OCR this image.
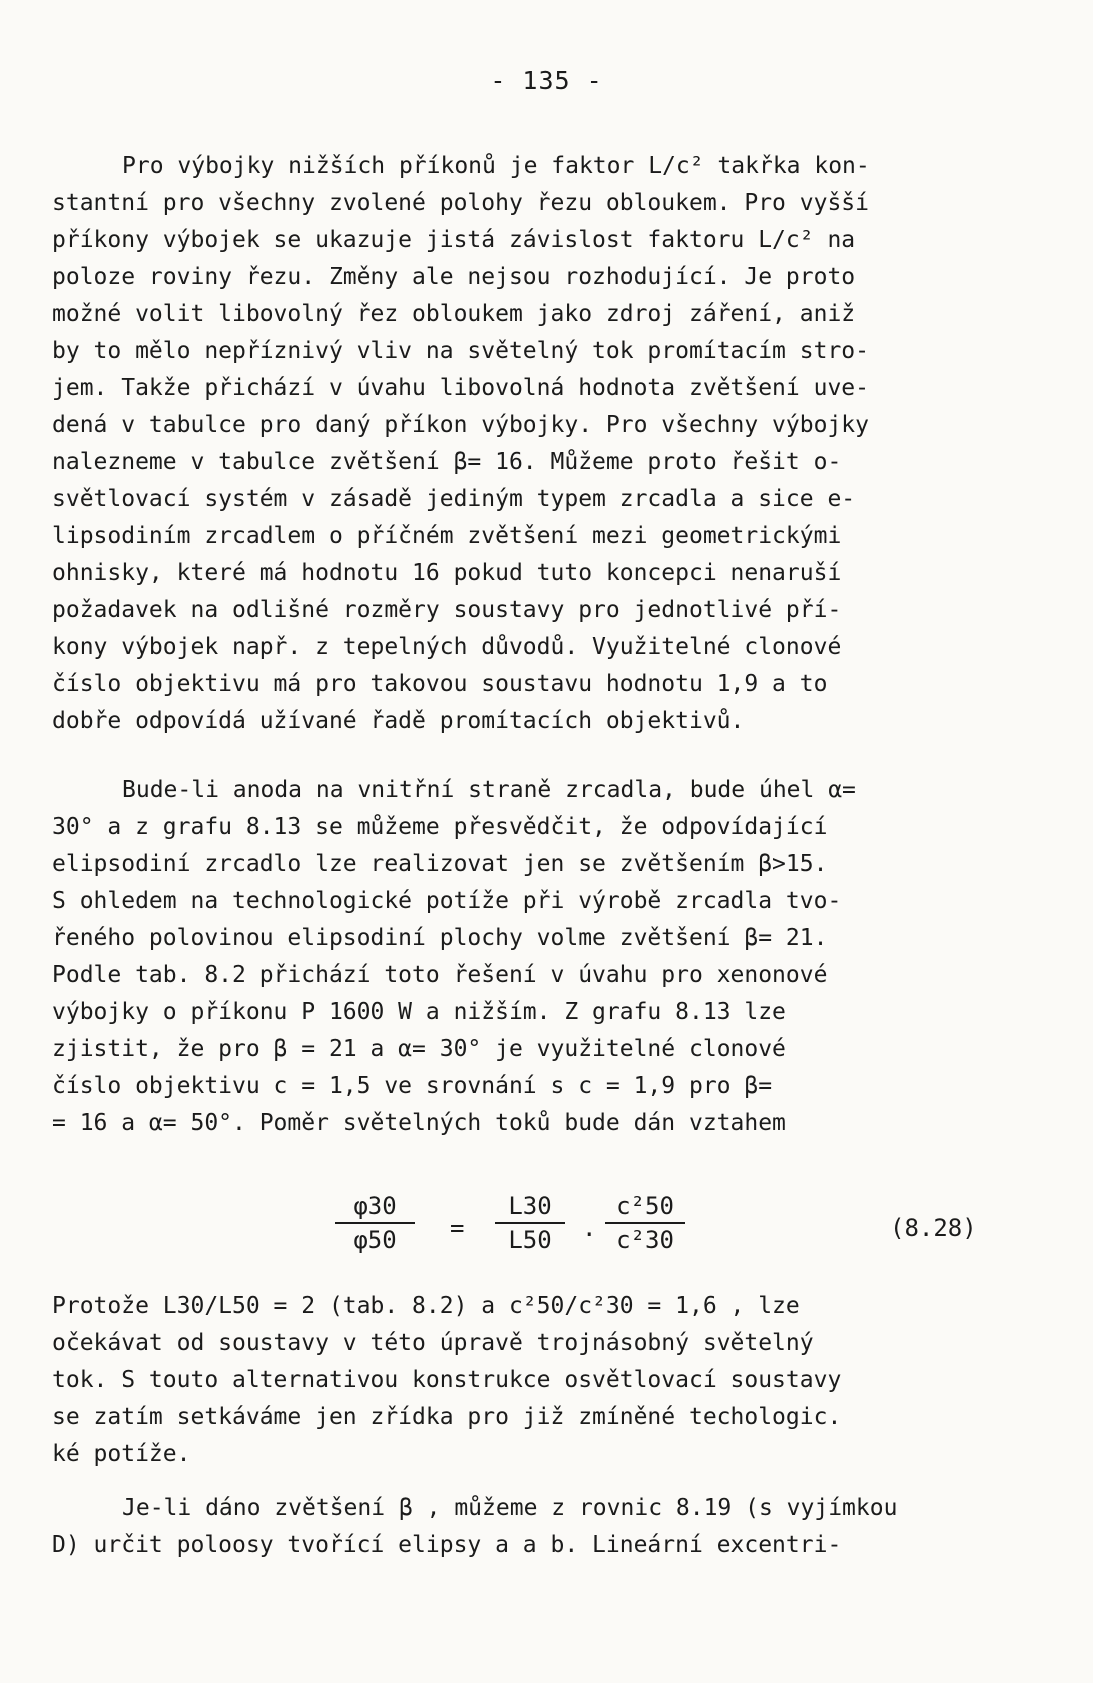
- 135 -
Pro výbojky nižších příkonů je faktor L/c² takřka kon-
stantní pro všechny zvolené polohy řezu obloukem. Pro vyšší
příkony výbojek se ukazuje jistá závislost faktoru L/c² na
poloze roviny řezu. Změny ale nejsou rozhodující. Je proto
možné volit libovolný řez obloukem jako zdroj záření, aniž
by to mělo nepříznivý vliv na světelný tok promítacím stro-
jem. Takže přichází v úvahu libovolná hodnota zvětšení uve-
dená v tabulce pro daný příkon výbojky. Pro všechny výbojky
nalezneme v tabulce zvětšení β= 16. Můžeme proto řešit o-
světlovací systém v zásadě jediným typem zrcadla a sice e-
lipsodiním zrcadlem o příčném zvětšení mezi geometrickými
ohnisky, které má hodnotu 16 pokud tuto koncepci nenaruší
požadavek na odlišné rozměry soustavy pro jednotlivé pří-
kony výbojek např. z tepelných důvodů. Využitelné clonové
číslo objektivu má pro takovou soustavu hodnotu 1,9 a to
dobře odpovídá užívané řadě promítacích objektivů.
Bude-li anoda na vnitřní straně zrcadla, bude úhel α=
30° a z grafu 8.13 se můžeme přesvědčit, že odpovídající
elipsodiní zrcadlo lze realizovat jen se zvětšením β>15.
S ohledem na technologické potíže při výrobě zrcadla tvo-
řeného polovinou elipsodiní plochy volme zvětšení β= 21.
Podle tab. 8.2 přichází toto řešení v úvahu pro xenonové
výbojky o příkonu P 1600 W a nižším. Z grafu 8.13 lze
zjistit, že pro β = 21 a α= 30° je využitelné clonové
číslo objektivu c = 1,5 ve srovnání s c = 1,9 pro β=
= 16 a α= 50°. Poměr světelných toků bude dán vztahem
φ30
φ50	=
L30
L50	.
c²50
c²30	(8.28)
Protože L30/L50 = 2 (tab. 8.2) a c²50/c²30 = 1,6 , lze
očekávat od soustavy v této úpravě trojnásobný světelný
tok. S touto alternativou konstrukce osvětlovací soustavy
se zatím setkáváme jen zřídka pro již zmíněné techologic.
ké potíže.
Je-li dáno zvětšení β , můžeme z rovnic 8.19 (s vyjímkou
D) určit poloosy tvořící elipsy a a b. Lineární excentri-
